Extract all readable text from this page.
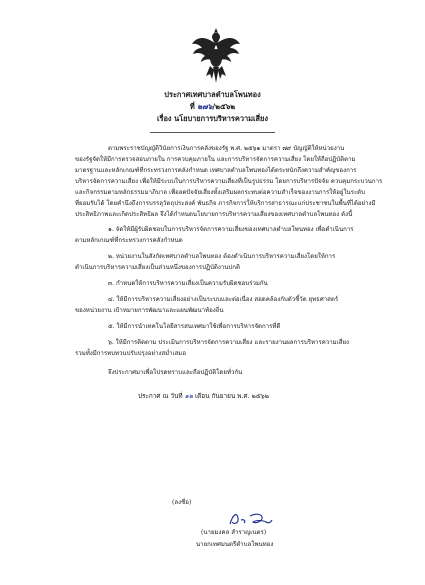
ประกาศเทศบาลตำบลโพนทอง
ที่ ๒๗๖/๒๕๖๒
เรื่อง นโยบายการบริหารความเสี่ยง
ตามพระราชบัญญัติวินัยการเงินการคลังของรัฐ พ.ศ. ๒๕๖๑ มาตรา ๗๙ บัญญัติให้หน่วยงาน
ของรัฐจัดให้มีการตรวจสอบภายใน การควบคุมภายใน และการบริหารจัดการความเสี่ยง โดยให้ถือปฏิบัติตาม
มาตรฐานและหลักเกณฑ์ที่กระทรวงการคลังกำหนด เทศบาลตำบลโพนทองได้ตระหนักถึงความสำคัญของการ
บริหารจัดการความเสี่ยง เพื่อให้มีระบบในการบริหารความเสี่ยงที่เป็นรูปธรรม โดยการบริหารปัจจัย ควบคุมกระบวนการ
และกิจกรรมตามหลักธรรมมาภิบาล เพื่อลดปัจจัยเสี่ยงทั้งเสริมผลกระทบต่อความสำเร็จของงานการให้อยู่ในระดับ
ที่ยอมรับได้ โดยคำนึงถึงการบรรลุวัตถุประสงค์ พันธกิจ ภารกิจการให้บริการสาธารณะแก่ประชาชนในพื้นที่ได้อย่างมี
ประสิทธิภาพและเกิดประสิทธิผล จึงได้กำหนดนโยบายการบริหารความเสี่ยงของเทศบาลตำบลโพนทอง ดังนี้
๑. จัดให้มีผู้รับผิดชอบในการบริหารจัดการความเสี่ยงของเทศบาลตำบลโพนทอง เพื่อดำเนินการ
ตามหลักเกณฑ์ที่กระทรวงการคลังกำหนด
๒. หน่วยงานในสังกัดเทศบาลตำบลโพนทอง ต้องดำเนินการบริหารความเสี่ยงโดยให้การ
ดำเนินการบริหารความเสี่ยงเป็นส่วนหนึ่งของการปฏิบัติงานปกติ
๓. กำหนดให้การบริหารความเสี่ยงเป็นความรับผิดชอบร่วมกัน
๔. ให้มีการบริหารความเสี่ยงอย่างเป็นระบบและต่อเนื่อง สอดคล้องกับตัวชี้วัด ยุทธศาสตร์
ของหน่วยงาน เป้าหมายการพัฒนาและแผนพัฒนาท้องถิ่น
๕. ให้มีการนำเทคโนโลยีสารสนเทศมาใช้เพื่อการบริหารจัดการที่ดี
๖. ให้มีการติดตาม ประเมินการบริหารจัดการความเสี่ยง และรายงานผลการบริหารความเสี่ยง
รวมทั้งมีการทบทวนปรับปรุงอย่างสม่ำเสมอ
จึงประกาศมาเพื่อโปรดทราบและถือปฏิบัติโดยทั่วกัน
ประกาศ ณ วันที่ ๑๒ เดือน กันยายน พ.ศ. ๒๕๖๒
(ลงชื่อ)
(นายมงคล สำราญเนตร)
นายกเทศมนตรีตำบลโพนทอง
